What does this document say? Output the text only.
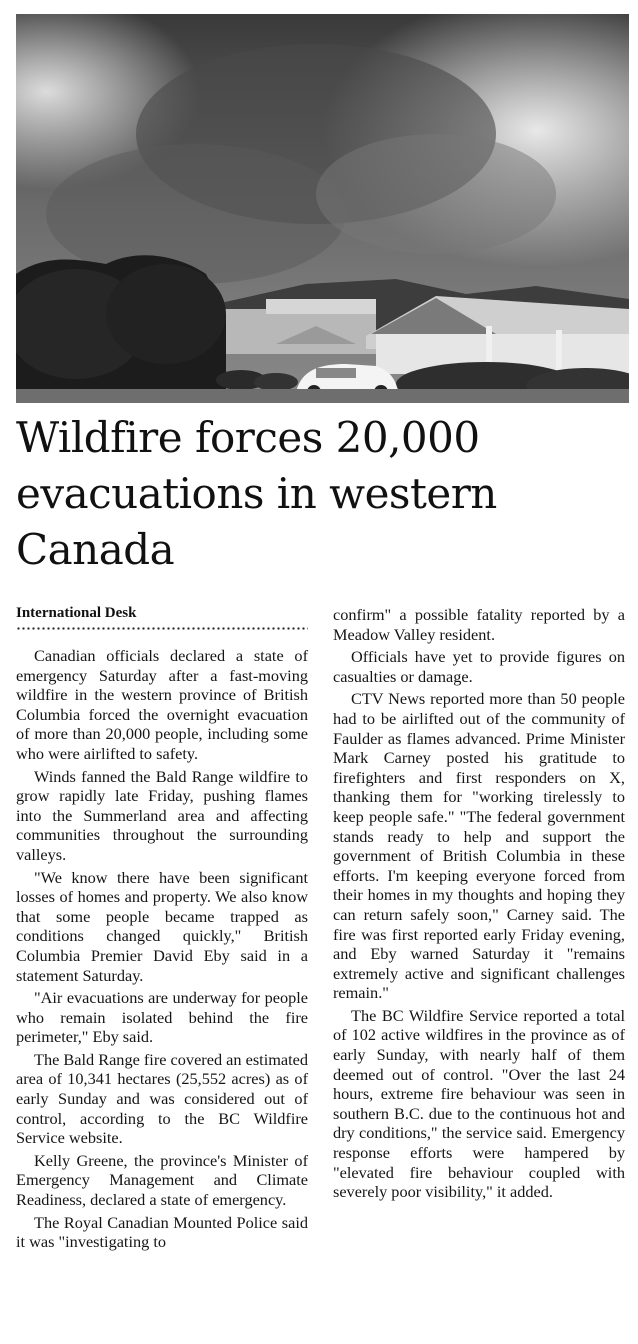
Wildfire forces 20,000 evacuations in western Canada
International Desk

Canadian officials declared a state of emergency Saturday after a fast-moving wildfire in the western province of British Columbia forced the overnight evacuation of more than 20,000 people, including some who were airlifted to safety.

Winds fanned the Bald Range wildfire to grow rapidly late Friday, pushing flames into the Summerland area and affecting communities throughout the surrounding valleys.

"We know there have been significant losses of homes and property. We also know that some people became trapped as conditions changed quickly," British Columbia Premier David Eby said in a statement Saturday.

"Air evacuations are underway for people who remain isolated behind the fire perimeter," Eby said.

The Bald Range fire covered an estimated area of 10,341 hectares (25,552 acres) as of early Sunday and was considered out of control, according to the BC Wildfire Service website.

Kelly Greene, the province's Minister of Emergency Management and Climate Readiness, declared a state of emergency.

The Royal Canadian Mounted Police said it was "investigating to

confirm" a possible fatality reported by a Meadow Valley resident.

Officials have yet to provide figures on casualties or damage.

CTV News reported more than 50 people had to be airlifted out of the community of Faulder as flames advanced. Prime Minister Mark Carney posted his gratitude to firefighters and first responders on X, thanking them for "working tirelessly to keep people safe." "The federal government stands ready to help and support the government of British Columbia in these efforts. I'm keeping everyone forced from their homes in my thoughts and hoping they can return safely soon," Carney said. The fire was first reported early Friday evening, and Eby warned Saturday it "remains extremely active and significant challenges remain."

The BC Wildfire Service reported a total of 102 active wildfires in the province as of early Sunday, with nearly half of them deemed out of control. "Over the last 24 hours, extreme fire behaviour was seen in southern B.C. due to the continuous hot and dry conditions," the service said. Emergency response efforts were hampered by "elevated fire behaviour coupled with severely poor visibility," it added.
